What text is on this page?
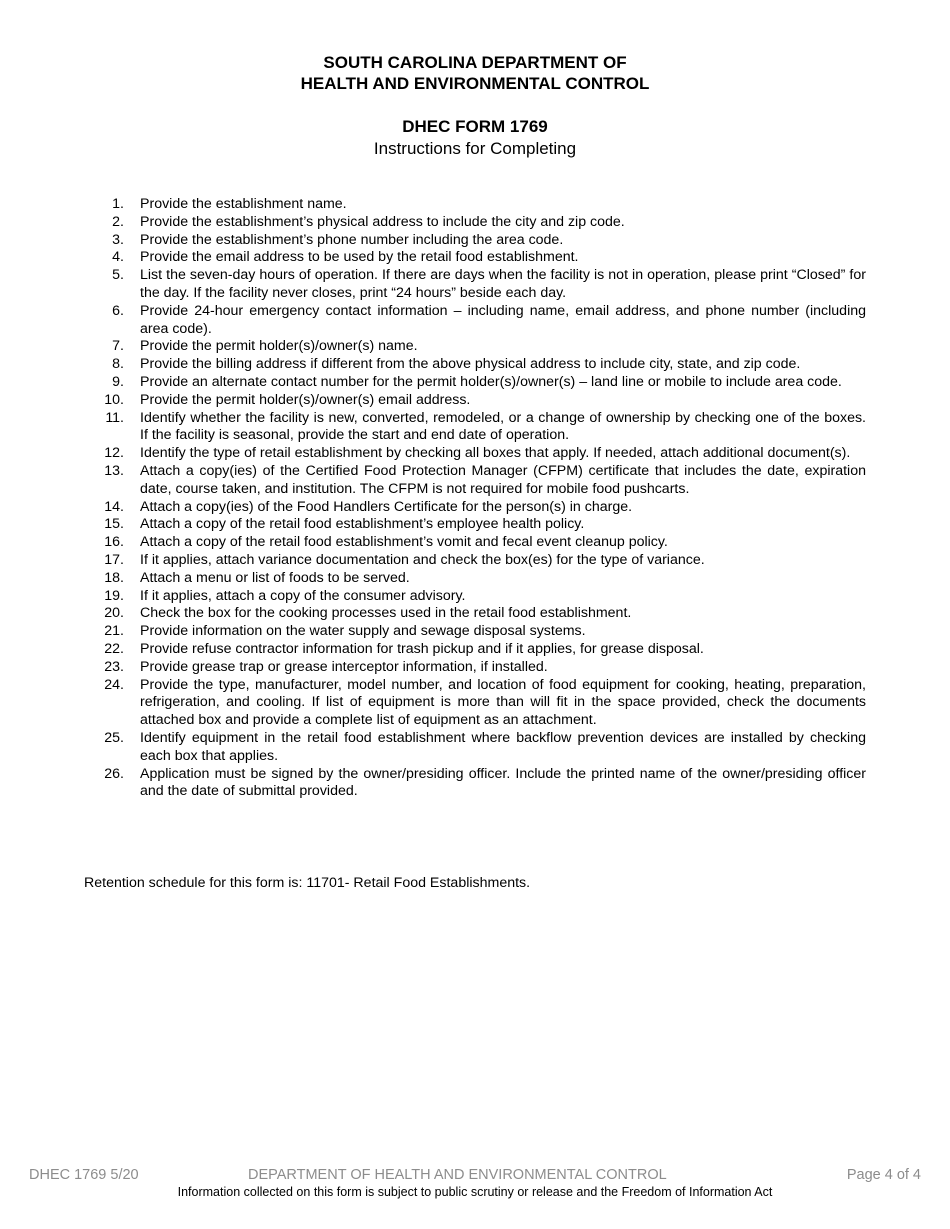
SOUTH CAROLINA DEPARTMENT OF
HEALTH AND ENVIRONMENTAL CONTROL
DHEC FORM 1769
Instructions for Completing
1. Provide the establishment name.
2. Provide the establishment’s physical address to include the city and zip code.
3. Provide the establishment’s phone number including the area code.
4. Provide the email address to be used by the retail food establishment.
5. List the seven-day hours of operation. If there are days when the facility is not in operation, please print “Closed” for the day. If the facility never closes, print “24 hours” beside each day.
6. Provide 24-hour emergency contact information – including name, email address, and phone number (including area code).
7. Provide the permit holder(s)/owner(s) name.
8. Provide the billing address if different from the above physical address to include city, state, and zip code.
9. Provide an alternate contact number for the permit holder(s)/owner(s) – land line or mobile to include area code.
10. Provide the permit holder(s)/owner(s) email address.
11. Identify whether the facility is new, converted, remodeled, or a change of ownership by checking one of the boxes. If the facility is seasonal, provide the start and end date of operation.
12. Identify the type of retail establishment by checking all boxes that apply. If needed, attach additional document(s).
13. Attach a copy(ies) of the Certified Food Protection Manager (CFPM) certificate that includes the date, expiration date, course taken, and institution. The CFPM is not required for mobile food pushcarts.
14. Attach a copy(ies) of the Food Handlers Certificate for the person(s) in charge.
15. Attach a copy of the retail food establishment’s employee health policy.
16. Attach a copy of the retail food establishment’s vomit and fecal event cleanup policy.
17. If it applies, attach variance documentation and check the box(es) for the type of variance.
18. Attach a menu or list of foods to be served.
19. If it applies, attach a copy of the consumer advisory.
20. Check the box for the cooking processes used in the retail food establishment.
21. Provide information on the water supply and sewage disposal systems.
22. Provide refuse contractor information for trash pickup and if it applies, for grease disposal.
23. Provide grease trap or grease interceptor information, if installed.
24. Provide the type, manufacturer, model number, and location of food equipment for cooking, heating, preparation, refrigeration, and cooling. If list of equipment is more than will fit in the space provided, check the documents attached box and provide a complete list of equipment as an attachment.
25. Identify equipment in the retail food establishment where backflow prevention devices are installed by checking each box that applies.
26. Application must be signed by the owner/presiding officer. Include the printed name of the owner/presiding officer and the date of submittal provided.
Retention schedule for this form is: 11701- Retail Food Establishments.
DHEC 1769 5/20	DEPARTMENT OF HEALTH AND ENVIRONMENTAL CONTROL	Page 4 of 4
Information collected on this form is subject to public scrutiny or release and the Freedom of Information Act
